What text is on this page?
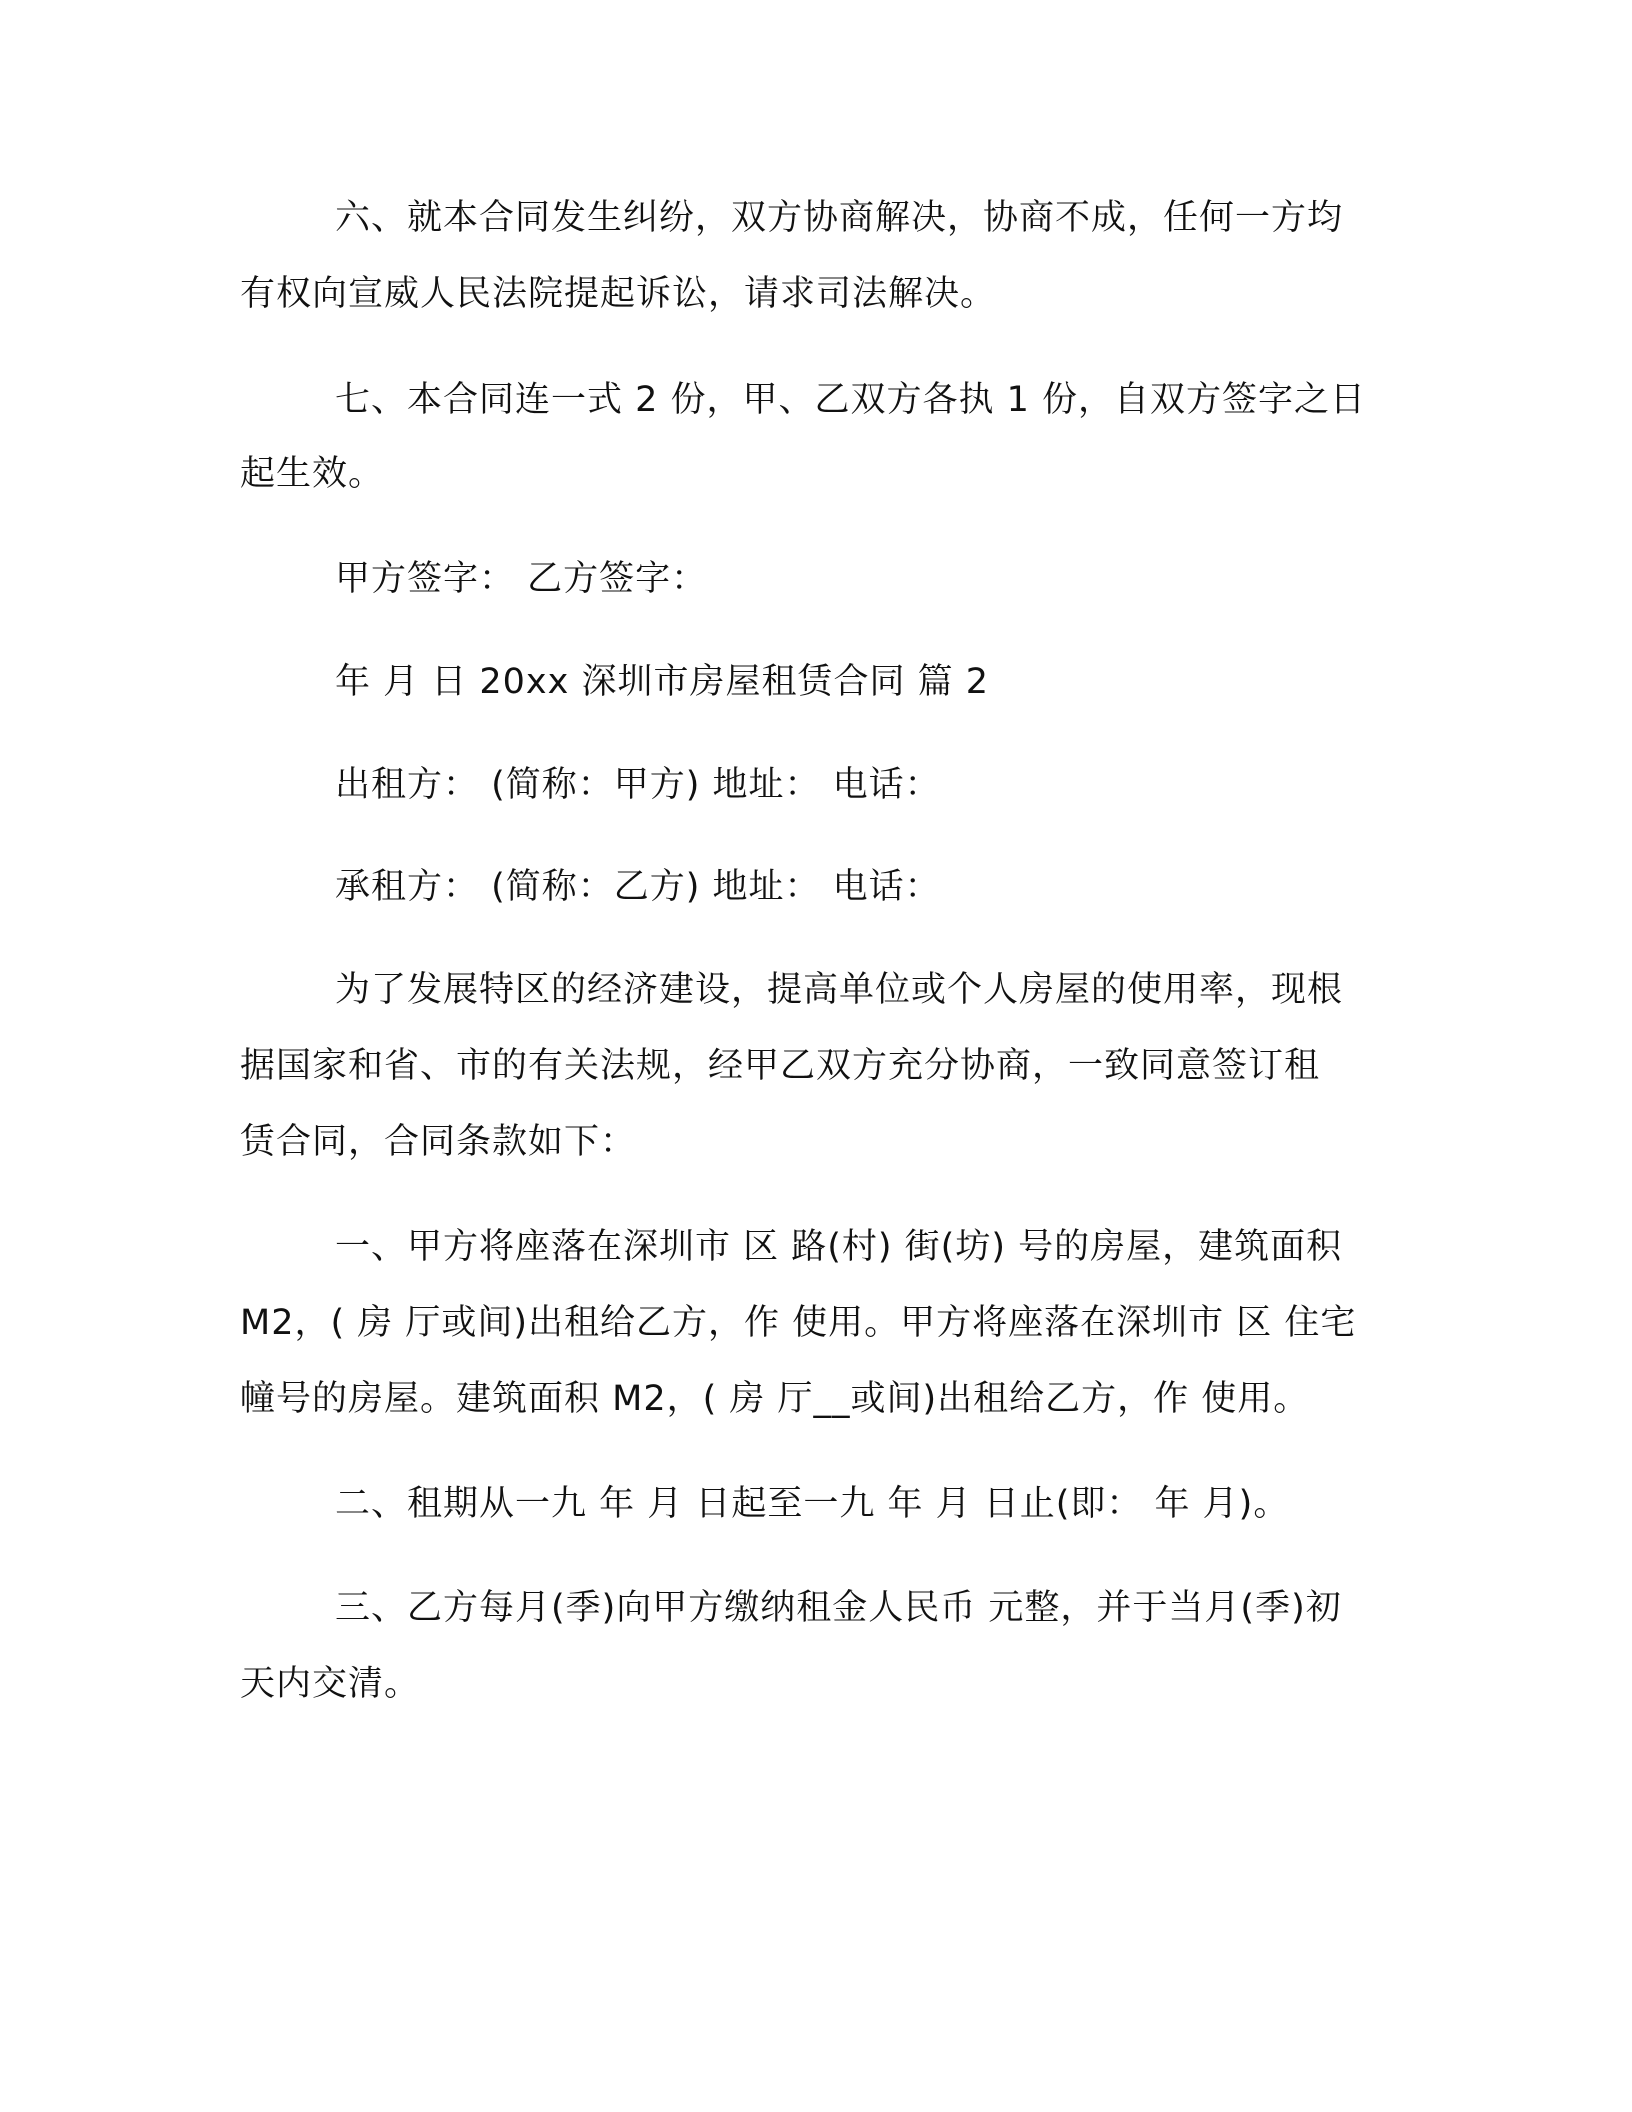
六、就本合同发生纠纷，双方协商解决，协商不成，任何一方均
有权向宣威人民法院提起诉讼，请求司法解决。
七、本合同连一式 2 份，甲、乙双方各执 1 份，自双方签字之日
起生效。
甲方签字： 乙方签字：
年 月 日 20xx 深圳市房屋租赁合同 篇 2
出租方： (简称：甲方) 地址： 电话：
承租方： (简称：乙方) 地址： 电话：
为了发展特区的经济建设，提高单位或个人房屋的使用率，现根
据国家和省、市的有关法规，经甲乙双方充分协商，一致同意签订租
赁合同，合同条款如下：
一、甲方将座落在深圳市 区 路(村) 街(坊) 号的房屋，建筑面积
M2，( 房 厅或间)出租给乙方，作 使用。甲方将座落在深圳市 区 住宅
幢号的房屋。建筑面积 M2，( 房 厅__或间)出租给乙方，作 使用。
二、租期从一九 年 月 日起至一九 年 月 日止(即： 年 月)。
三、乙方每月(季)向甲方缴纳租金人民币 元整，并于当月(季)初
天内交清。
